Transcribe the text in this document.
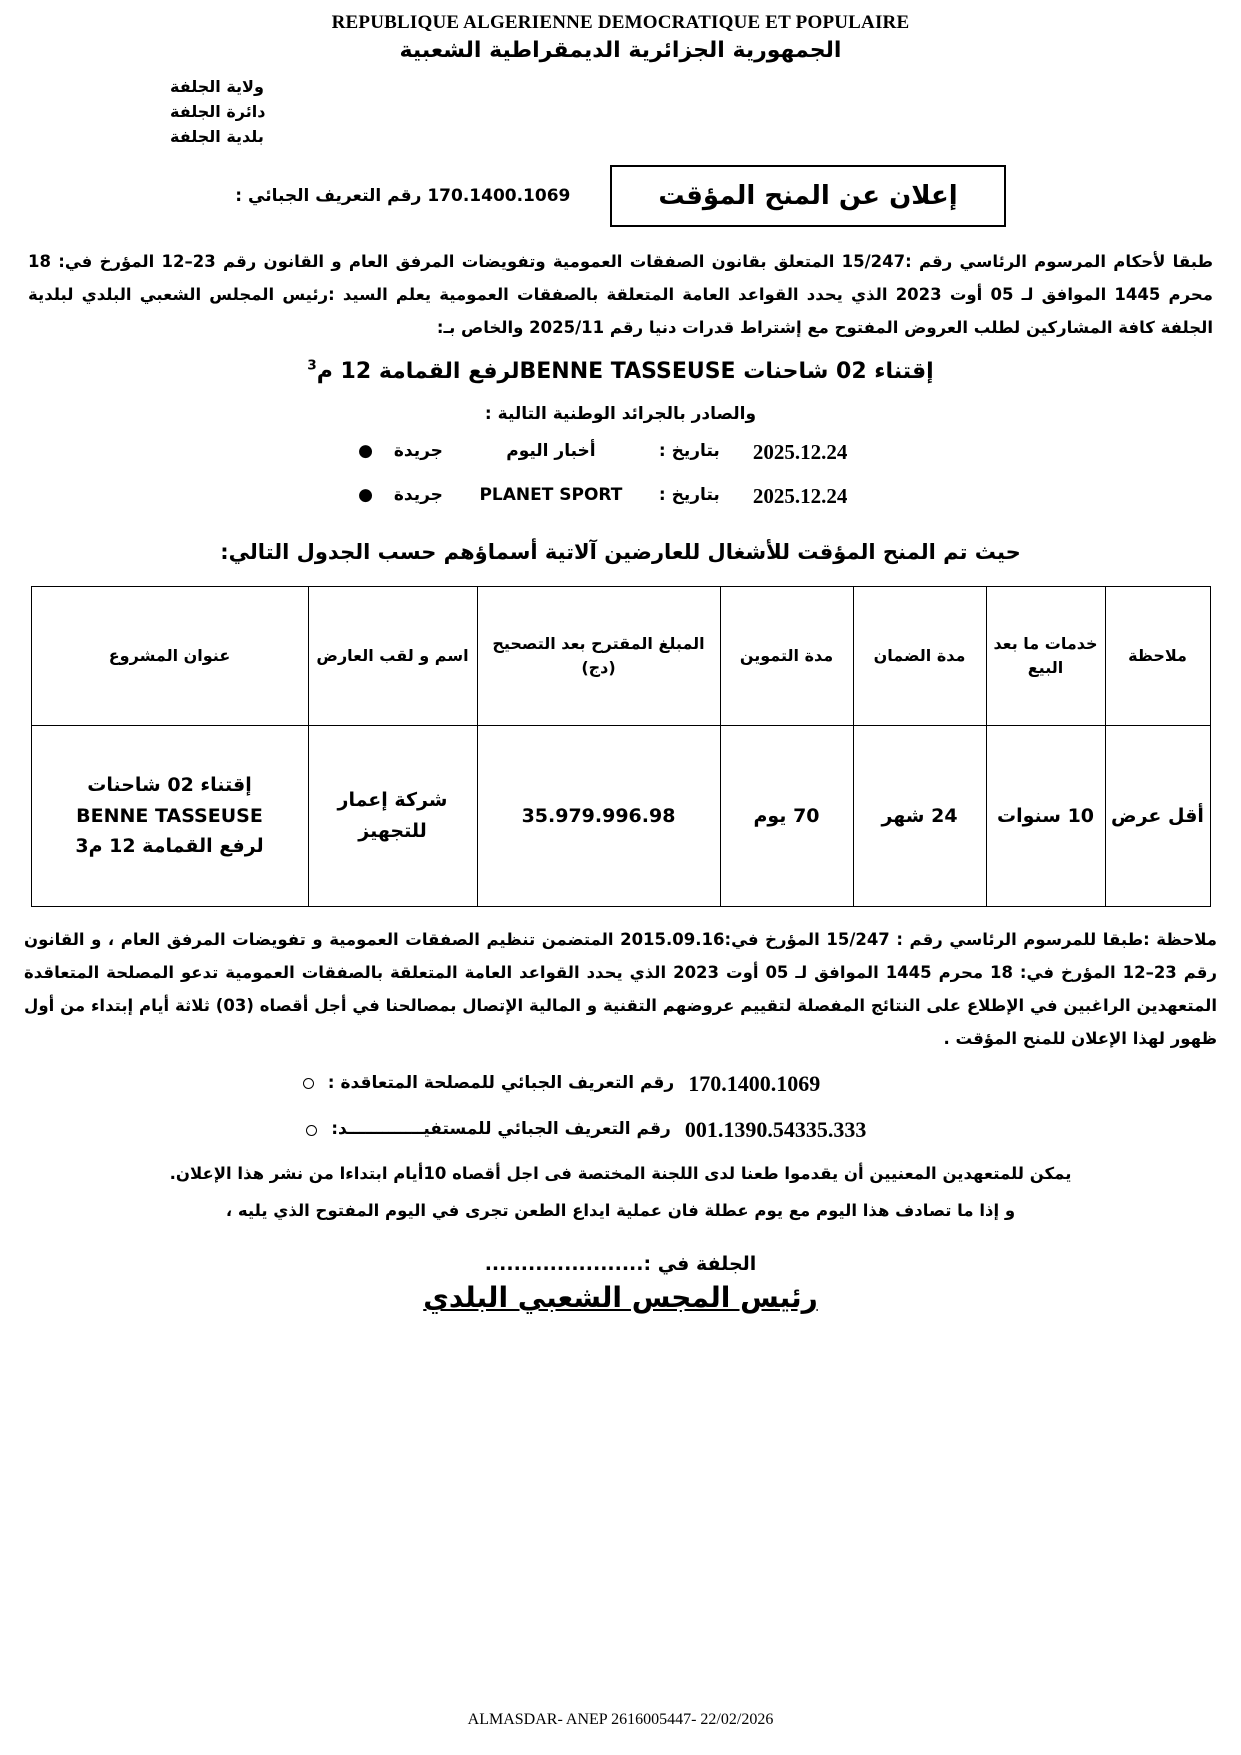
REPUBLIQUE ALGERIENNE DEMOCRATIQUE ET POPULAIRE
الجمهورية الجزائرية الديمقراطية الشعبية
ولاية الجلفة
دائرة الجلفة
بلدية الجلفة
إعلان عن المنح المؤقت
170.1400.1069 رقم التعريف الجبائي :
طبقا لأحكام المرسوم الرئاسي رقم :15/247 المتعلق بقانون الصفقات العمومية وتفويضات المرفق العام و القانون رقم 23–12 المؤرخ في: 18 محرم 1445 الموافق لـ 05 أوت 2023 الذي يحدد القواعد العامة المتعلقة بالصفقات العمومية يعلم السيد :رئيس المجلس الشعبي البلدي لبلدية الجلفة كافة المشاركين لطلب العروض المفتوح مع إشتراط قدرات دنيا رقم 2025/11 والخاص بـ:
إقتناء 02 شاحنات BENNE TASSEUSEلرفع القمامة 12 م$^3$
والصادر بالجرائد الوطنية التالية :
2025.12.24
بتاريخ :
أخبار اليوم
جريدة
●
2025.12.24
بتاريخ :
PLANET SPORT
جريدة
●
حيث تم المنح المؤقت للأشغال للعارضين آلاتية أسماؤهم حسب الجدول التالي:
ملاحظة	خدمات ما بعد البيع	مدة الضمان	مدة التموين	المبلغ المقترح بعد التصحيح (دج)	اسم و لقب العارض	عنوان المشروع
أقل عرض	10 سنوات	24 شهر	70 يوم	35.979.996.98	شركة إعمار للتجهيز	إقتناء 02 شاحنات
BENNE TASSEUSE
لرفع القمامة 12 م3
ملاحظة :طبقا للمرسوم الرئاسي رقم : 15/247 المؤرخ في:2015.09.16 المتضمن تنظيم الصفقات العمومية و تفويضات المرفق العام ، و القانون رقم 23–12 المؤرخ في: 18 محرم 1445 الموافق لـ 05 أوت 2023 الذي يحدد القواعد العامة المتعلقة بالصفقات العمومية تدعو المصلحة المتعاقدة المتعهدين الراغبين في الإطلاع على النتائج المفصلة لتقييم عروضهم التقنية و المالية الإتصال بمصالحنا في أجل أقصاه (03) ثلاثة أيام إبتداء من أول ظهور لهذا الإعلان للمنح المؤقت .
170.1400.1069
رقم التعريف الجبائي للمصلحة المتعاقدة :
001.1390.54335.333
رقم التعريف الجبائي للمستفيـــــــــــــد:
يمكن للمتعهدين المعنيين أن يقدموا طعنا لدى اللجنة المختصة فى اجل أقصاه 10أيام ابتداءا من نشر هذا الإعلان.
و إذا ما تصادف هذا اليوم مع يوم عطلة فان عملية ايداع الطعن تجرى في اليوم المفتوح الذي يليه ،
الجلفة في :......................
رئيس المجس الشعبي البلدي
ALMASDAR- ANEP 2616005447- 22/02/2026
